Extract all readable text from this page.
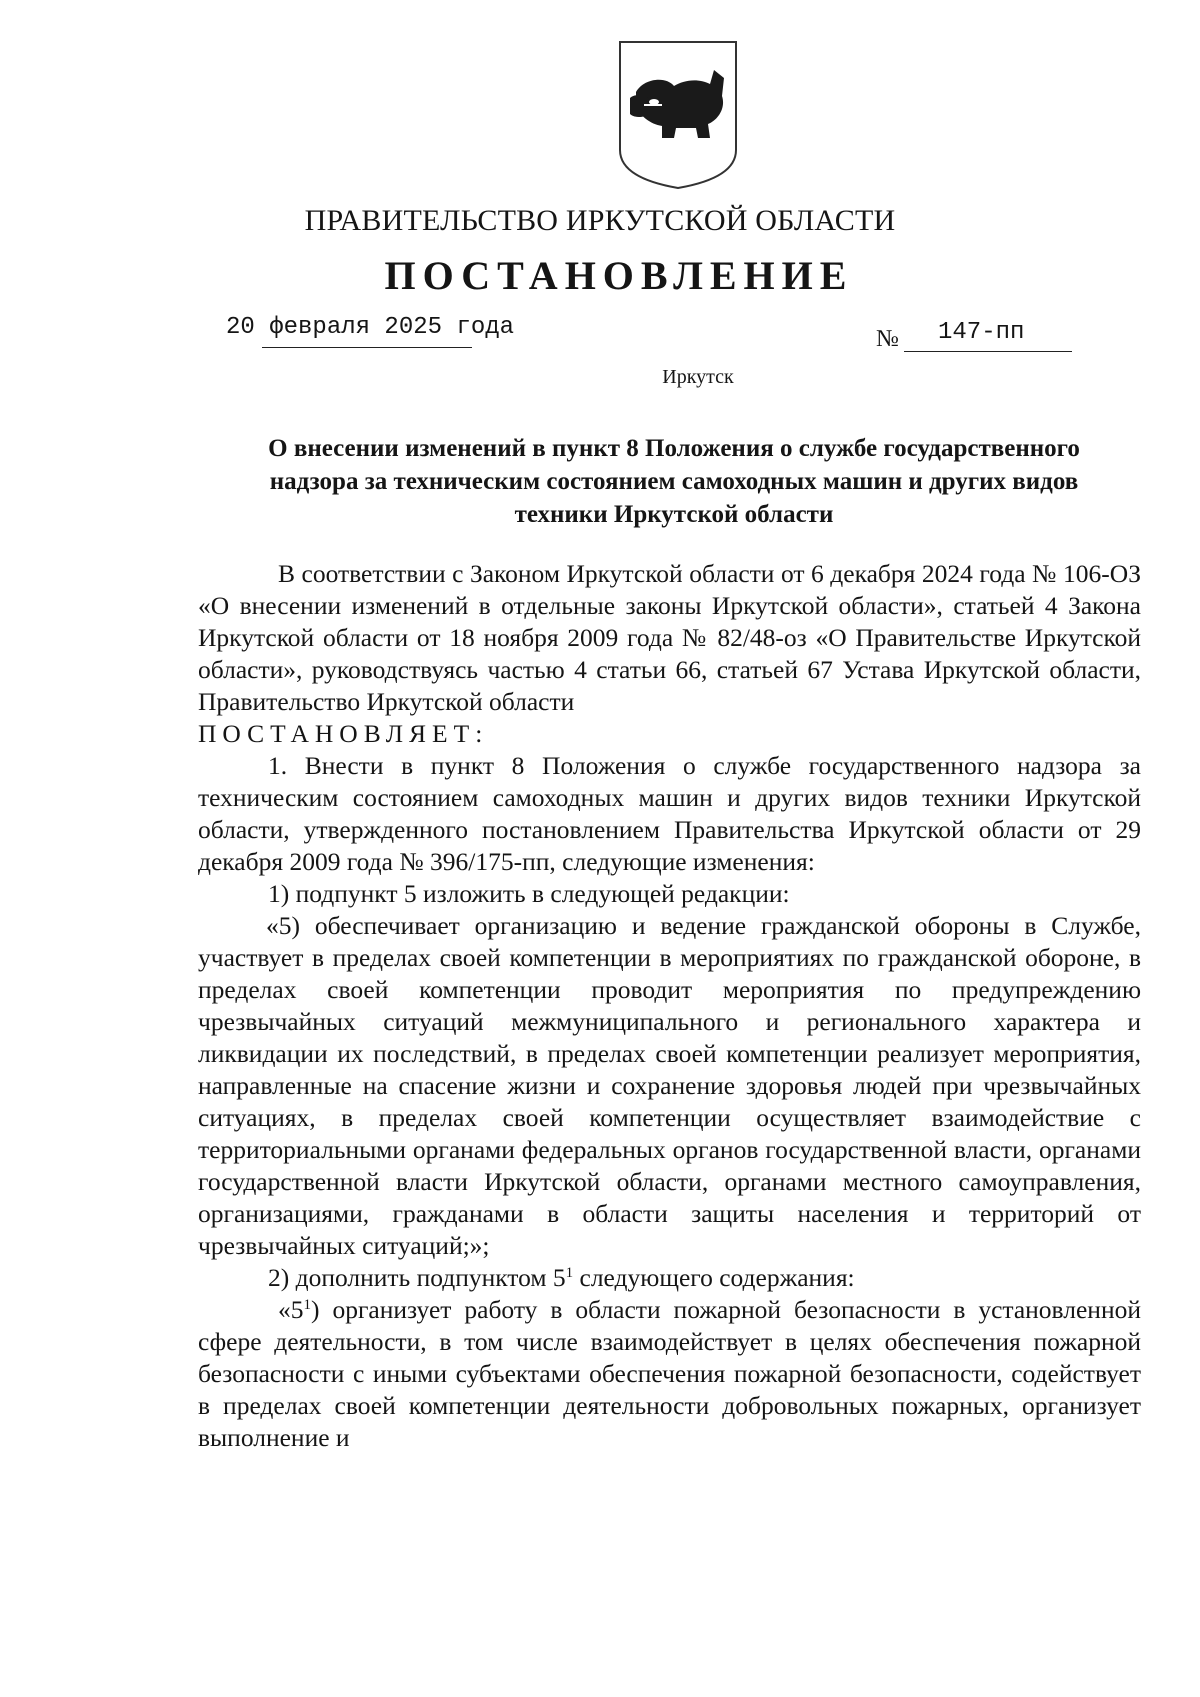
ПРАВИТЕЛЬСТВО ИРКУТСКОЙ ОБЛАСТИ
ПОСТАНОВЛЕНИЕ
20 февраля 2025 года	№ 147-пп
Иркутск
О внесении изменений в пункт 8 Положения о службе государственного
надзора за техническим состоянием самоходных машин и других видов
техники Иркутской области

В соответствии с Законом Иркутской области от 6 декабря 2024 года № 106-ОЗ «О внесении изменений в отдельные законы Иркутской области», статьей 4 Закона Иркутской области от 18 ноября 2009 года № 82/48-оз «О Правительстве Иркутской области», руководствуясь частью 4 статьи 66, статьей 67 Устава Иркутской области, Правительство Иркутской области

ПОСТАНОВЛЯЕТ:

1. Внести в пункт 8 Положения о службе государственного надзора за техническим состоянием самоходных машин и других видов техники Иркутской области, утвержденного постановлением Правительства Иркутской области от 29 декабря 2009 года № 396/175-пп, следующие изменения:

1) подпункт 5 изложить в следующей редакции:

«5) обеспечивает организацию и ведение гражданской обороны в Службе, участвует в пределах своей компетенции в мероприятиях по гражданской обороне, в пределах своей компетенции проводит мероприятия по предупреждению чрезвычайных ситуаций межмуниципального и регионального характера и ликвидации их последствий, в пределах своей компетенции реализует мероприятия, направленные на спасение жизни и сохранение здоровья людей при чрезвычайных ситуациях, в пределах своей компетенции осуществляет взаимодействие с территориальными органами федеральных органов государственной власти, органами государственной власти Иркутской области, органами местного самоуправления, организациями, гражданами в области защиты населения и территорий от чрезвычайных ситуаций;»;

2) дополнить подпунктом $5^1$ следующего содержания:

«$5^1$) организует работу в области пожарной безопасности в установленной сфере деятельности, в том числе взаимодействует в целях обеспечения пожарной безопасности с иными субъектами обеспечения пожарной безопасности, содействует в пределах своей компетенции деятельности добровольных пожарных, организует выполнение и
